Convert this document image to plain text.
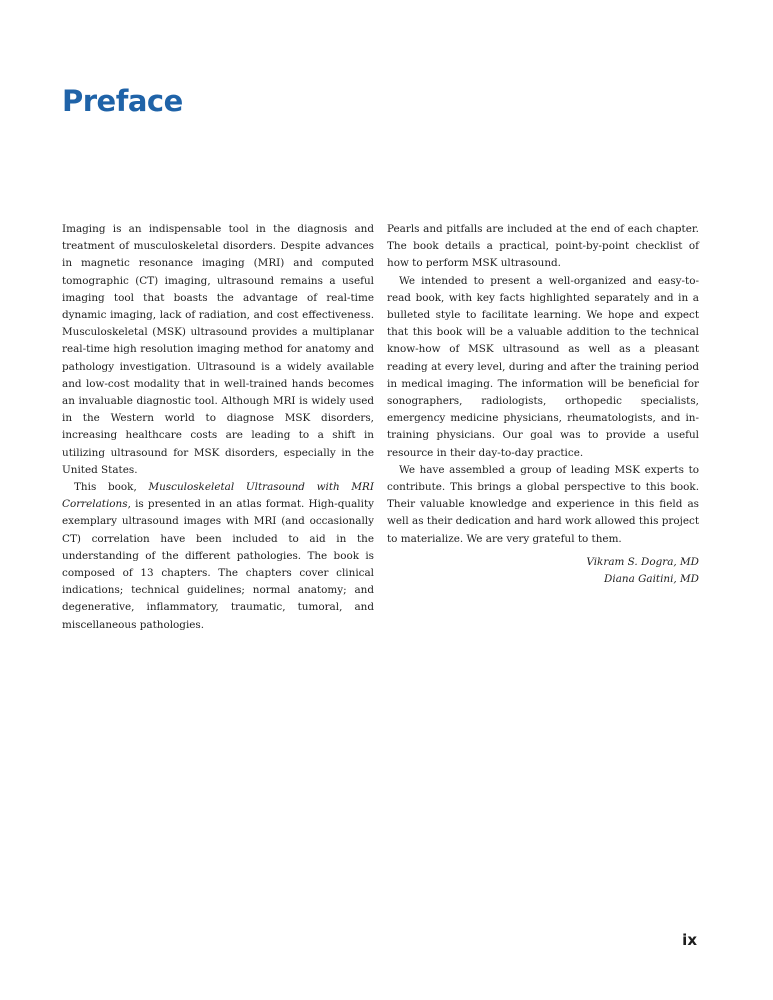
Preface

Imaging is an indispensable tool in the diagnosis and treatment of musculoskeletal disorders. Despite advances in magnetic resonance imaging (MRI) and computed tomographic (CT) imaging, ultrasound remains a useful imaging tool that boasts the advantage of real-time dynamic imaging, lack of radiation, and cost effectiveness. Musculoskeletal (MSK) ultrasound provides a multiplanar real-time high resolution imaging method for anatomy and pathology investigation. Ultrasound is a widely available and low-cost modality that in well-trained hands becomes an invaluable diagnostic tool. Although MRI is widely used in the Western world to diagnose MSK disorders, increasing healthcare costs are leading to a shift in utilizing ultrasound for MSK disorders, especially in the United States.

This book, Musculoskeletal Ultrasound with MRI Correlations, is presented in an atlas format. High-quality exemplary ultrasound images with MRI (and occasionally CT) correlation have been included to aid in the understanding of the different pathologies. The book is composed of 13 chapters. The chapters cover clinical indications; technical guidelines; normal anatomy; and degenerative, inflammatory, traumatic, tumoral, and miscellaneous pathologies.

Pearls and pitfalls are included at the end of each chapter. The book details a practical, point-by-point checklist of how to perform MSK ultrasound.

We intended to present a well-organized and easy-to-read book, with key facts highlighted separately and in a bulleted style to facilitate learning. We hope and expect that this book will be a valuable addition to the technical know-how of MSK ultrasound as well as a pleasant reading at every level, during and after the training period in medical imaging. The information will be beneficial for sonographers, radiologists, orthopedic specialists, emergency medicine physicians, rheumatologists, and in-training physicians. Our goal was to provide a useful resource in their day-to-day practice.

We have assembled a group of leading MSK experts to contribute. This brings a global perspective to this book. Their valuable knowledge and experience in this field as well as their dedication and hard work allowed this project to materialize. We are very grateful to them.

Vikram S. Dogra, MD
Diana Gaitini, MD
ix
